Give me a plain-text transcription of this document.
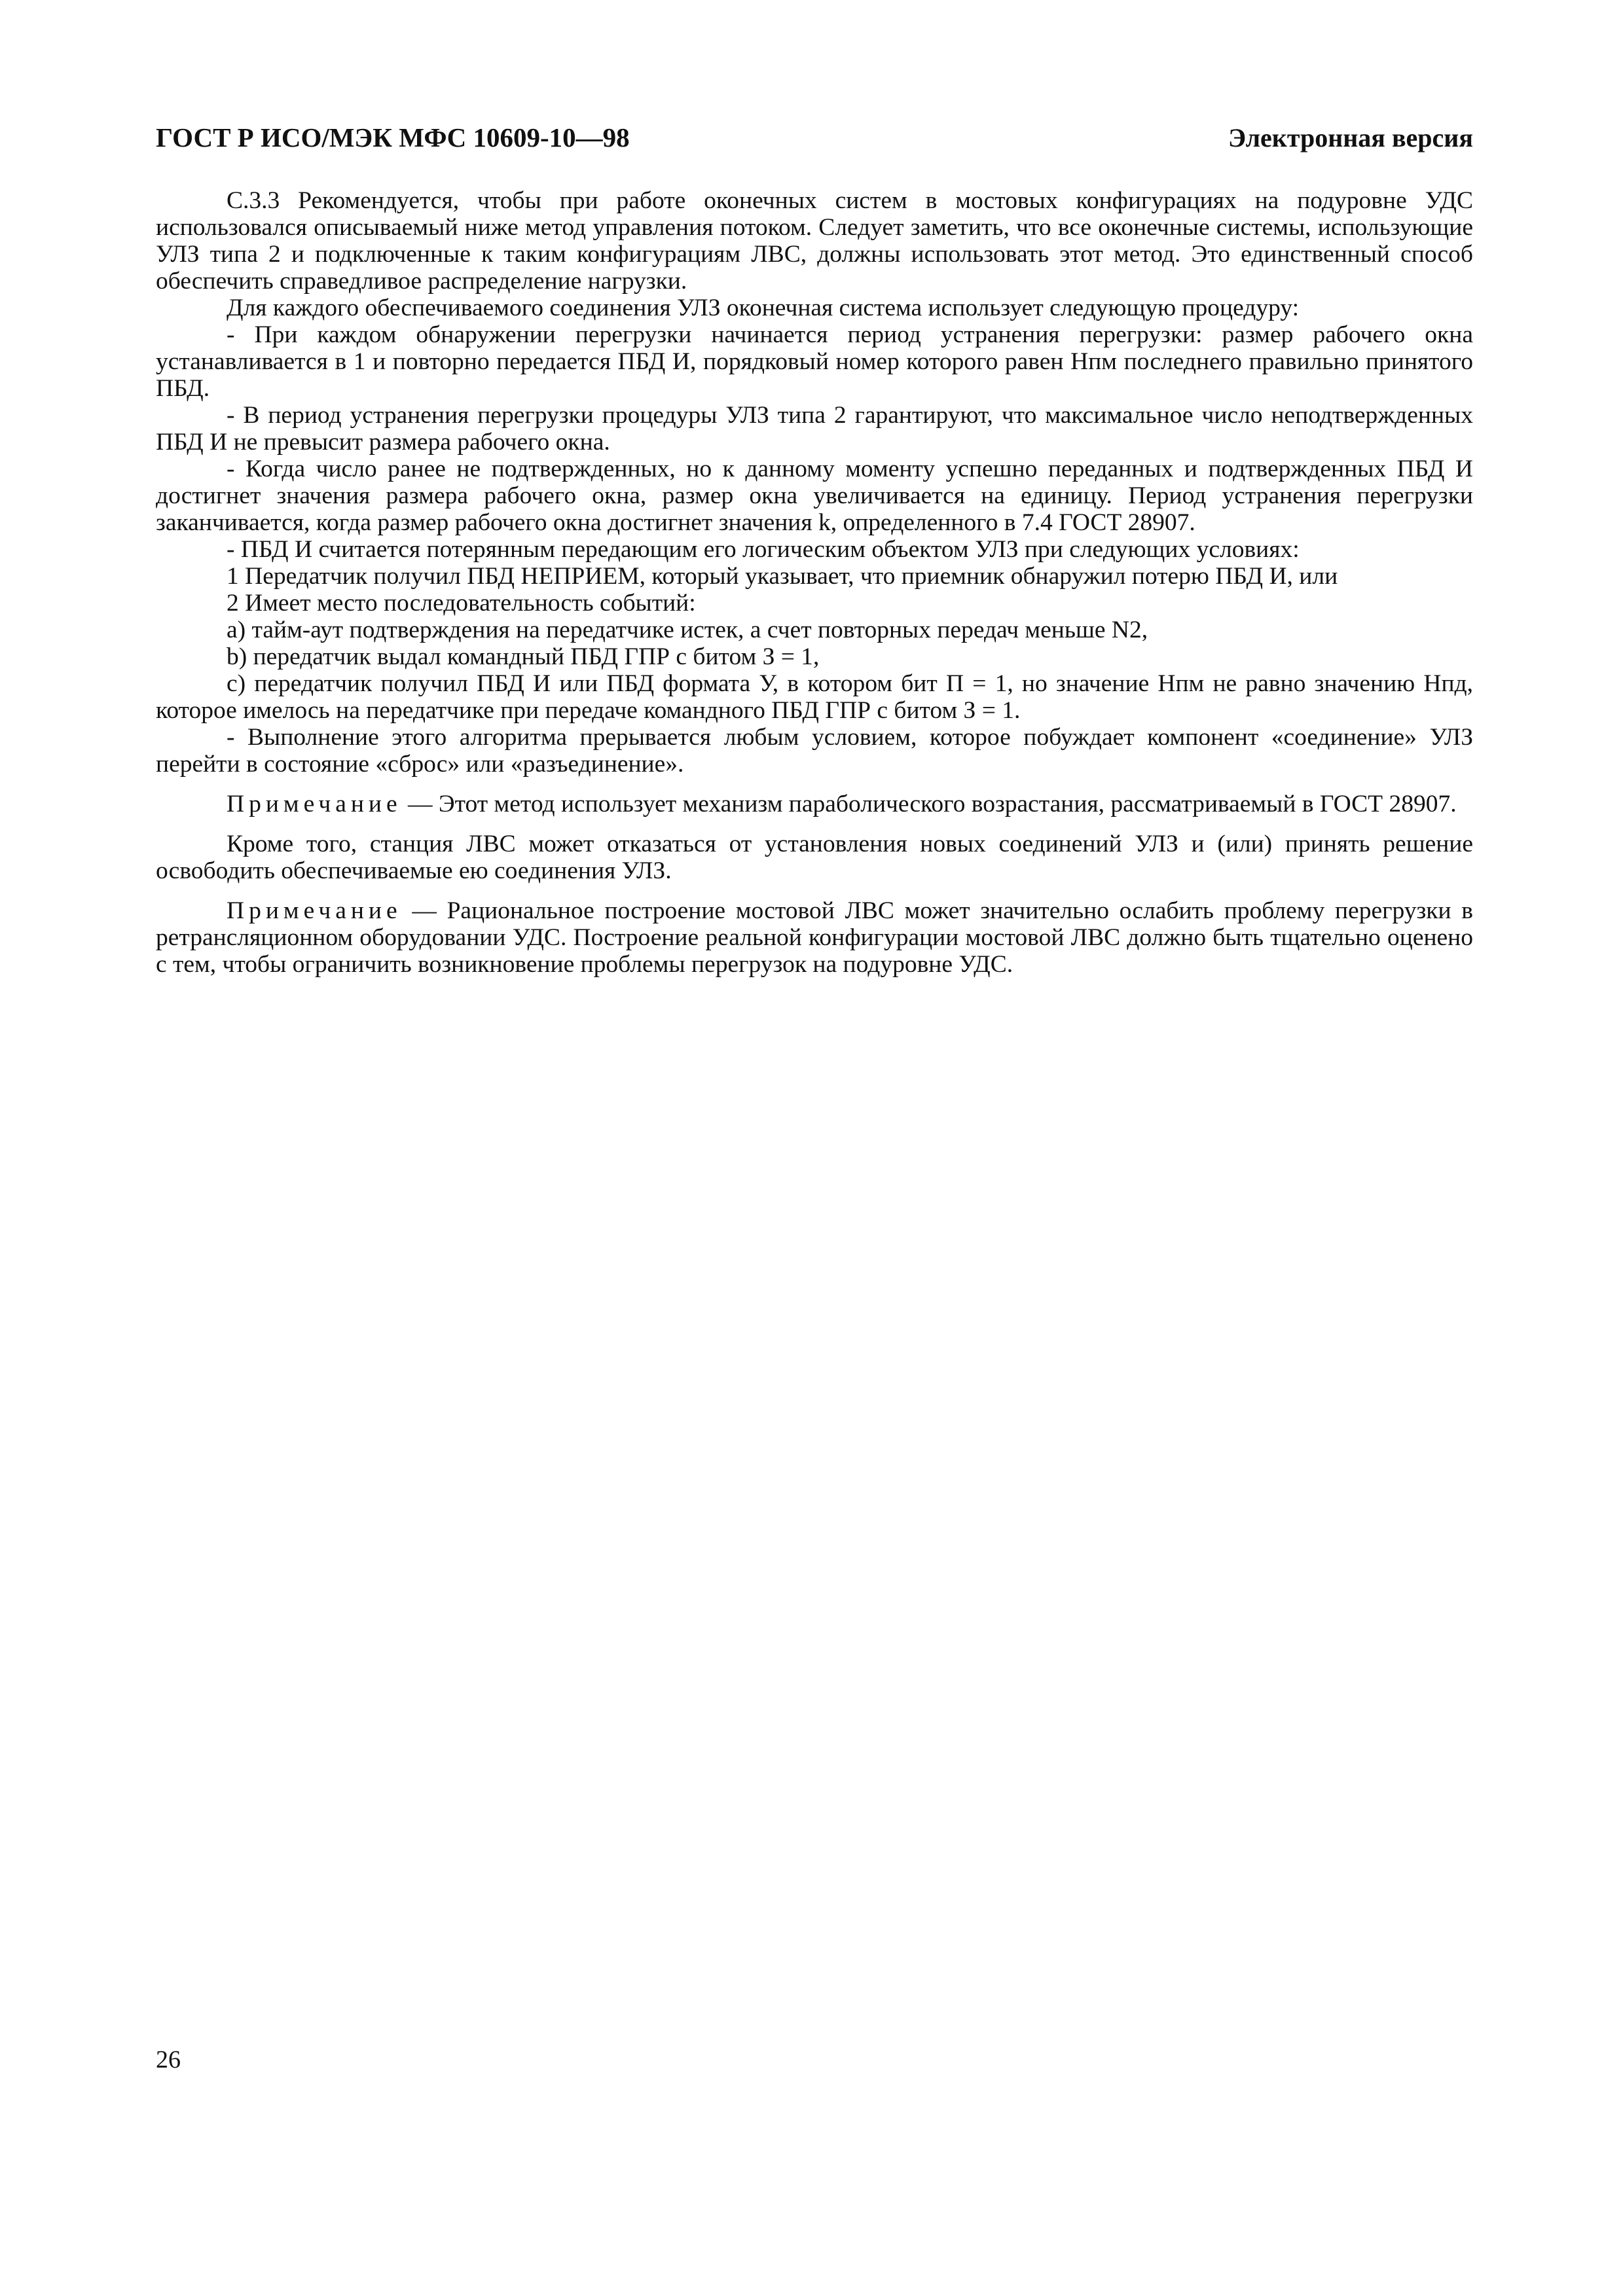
ГОСТ Р ИСО/МЭК МФС 10609-10—98	Электронная версия

С.3.3 Рекомендуется, чтобы при работе оконечных систем в мостовых конфигурациях на подуровне УДС использовался описываемый ниже метод управления потоком. Следует заметить, что все оконечные системы, использующие УЛЗ типа 2 и подключенные к таким конфигурациям ЛВС, должны использовать этот метод. Это единственный способ обеспечить справедливое распределение нагрузки.

Для каждого обеспечиваемого соединения УЛЗ оконечная система использует следующую процедуру:

- При каждом обнаружении перегрузки начинается период устранения перегрузки: размер рабочего окна устанавливается в 1 и повторно передается ПБД И, порядковый номер которого равен Нпм последнего правильно принятого ПБД.

- В период устранения перегрузки процедуры УЛЗ типа 2 гарантируют, что максимальное число неподтвержденных ПБД И не превысит размера рабочего окна.

- Когда число ранее не подтвержденных, но к данному моменту успешно переданных и подтвержденных ПБД И достигнет значения размера рабочего окна, размер окна увеличивается на единицу. Период устранения перегрузки заканчивается, когда размер рабочего окна достигнет значения k, определенного в 7.4 ГОСТ 28907.

- ПБД И считается потерянным передающим его логическим объектом УЛЗ при следующих условиях:

1 Передатчик получил ПБД НЕПРИЕМ, который указывает, что приемник обнаружил потерю ПБД И, или

2 Имеет место последовательность событий:

a) тайм-аут подтверждения на передатчике истек, а счет повторных передач меньше N2,

b) передатчик выдал командный ПБД ГПР с битом З = 1,

c) передатчик получил ПБД И или ПБД формата У, в котором бит П = 1, но значение Нпм не равно значению Нпд, которое имелось на передатчике при передаче командного ПБД ГПР с битом З = 1.

- Выполнение этого алгоритма прерывается любым условием, которое побуждает компонент «соединение» УЛЗ перейти в состояние «сброс» или «разъединение».

Примечание — Этот метод использует механизм параболического возрастания, рассматриваемый в ГОСТ 28907.

Кроме того, станция ЛВС может отказаться от установления новых соединений УЛЗ и (или) принять решение освободить обеспечиваемые ею соединения УЛЗ.

Примечание — Рациональное построение мостовой ЛВС может значительно ослабить проблему перегрузки в ретрансляционном оборудовании УДС. Построение реальной конфигурации мостовой ЛВС должно быть тщательно оценено с тем, чтобы ограничить возникновение проблемы перегрузок на подуровне УДС.

26
